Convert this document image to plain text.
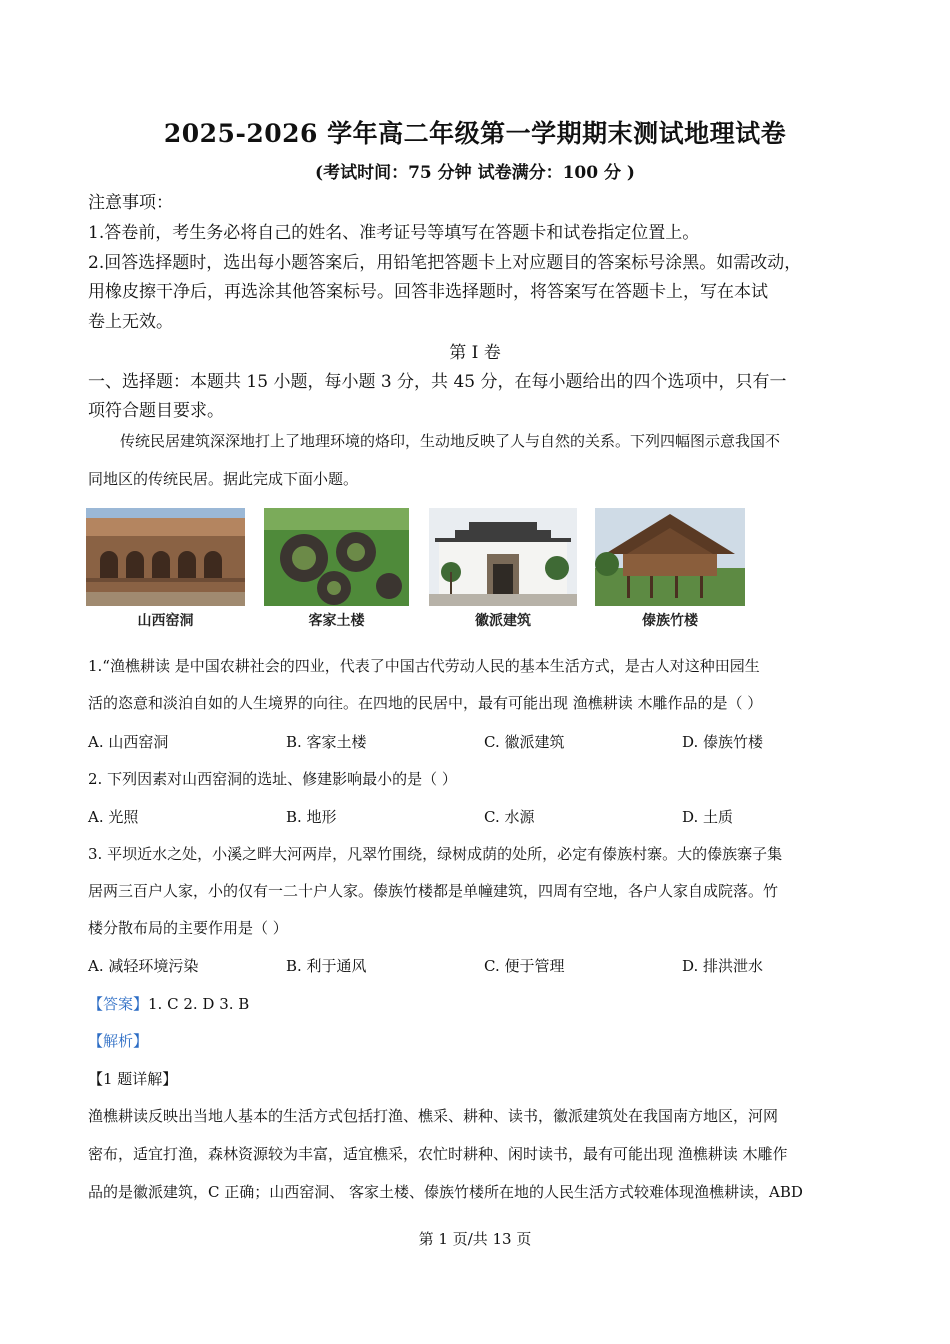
2025-2026 学年高二年级第一学期期末测试地理试卷
(考试时间：75 分钟 试卷满分：100 分 )
注意事项：
1.答卷前，考生务必将自己的姓名、准考证号等填写在答题卡和试卷指定位置上。
2.回答选择题时，选出每小题答案后，用铅笔把答题卡上对应题目的答案标号涂黑。如需改动，
用橡皮擦干净后，再选涂其他答案标号。回答非选择题时，将答案写在答题卡上，写在本试
卷上无效。
第 I 卷
一、选择题：本题共 15 小题，每小题 3 分，共 45 分，在每小题给出的四个选项中，只有一
项符合题目要求。
传统民居建筑深深地打上了地理环境的烙印，生动地反映了人与自然的关系。下列四幅图示意我国不
同地区的传统民居。据此完成下面小题。
山西窑洞	客家土楼	徽派建筑	傣族竹楼
1.“渔樵耕读 是中国农耕社会的四业，代表了中国古代劳动人民的基本生活方式，是古人对这种田园生
活的恣意和淡泊自如的人生境界的向往。在四地的民居中，最有可能出现 渔樵耕读 木雕作品的是（ ）
A. 山西窑洞	B. 客家土楼	C. 徽派建筑	D. 傣族竹楼
2. 下列因素对山西窑洞的选址、修建影响最小的是（ ）
A. 光照	B. 地形	C. 水源	D. 土质
3. 平坝近水之处，小溪之畔大河两岸，凡翠竹围绕，绿树成荫的处所，必定有傣族村寨。大的傣族寨子集
居两三百户人家，小的仅有一二十户人家。傣族竹楼都是单幢建筑，四周有空地，各户人家自成院落。竹
楼分散布局的主要作用是（ ）
A. 减轻环境污染	B. 利于通风	C. 便于管理	D. 排洪泄水
【答案】1. C 2. D 3. B
【解析】
【1 题详解】
渔樵耕读反映出当地人基本的生活方式包括打渔、樵采、耕种、读书，徽派建筑处在我国南方地区，河网
密布，适宜打渔，森林资源较为丰富，适宜樵采，农忙时耕种、闲时读书，最有可能出现 渔樵耕读 木雕作
品的是徽派建筑，C 正确；山西窑洞、 客家土楼、傣族竹楼所在地的人民生活方式较难体现渔樵耕读，ABD
第 1 页/共 13 页
